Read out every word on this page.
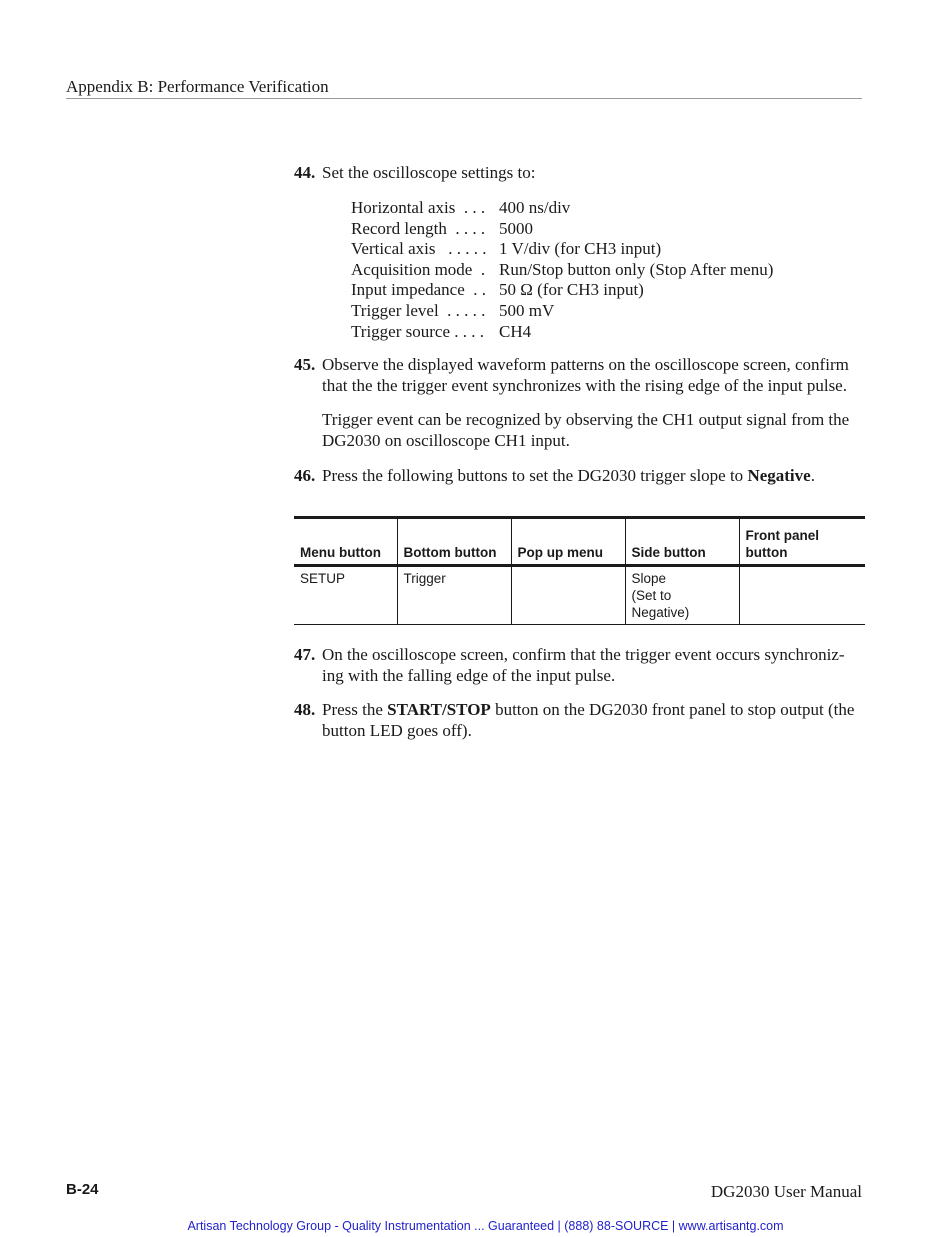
Appendix B: Performance Verification
44. Set the oscilloscope settings to:
Horizontal axis  . . . 400 ns/div
Record length  . . . . 5000
Vertical axis   . . . . . 1 V/div (for CH3 input)
Acquisition mode  . Run/Stop button only (Stop After menu)
Input impedance  . . 50 Ω (for CH3 input)
Trigger level  . . . . . 500 mV
Trigger source . . . . CH4
45. Observe the displayed waveform patterns on the oscilloscope screen, confirm that the the trigger event synchronizes with the rising edge of the input pulse.
Trigger event can be recognized by observing the CH1 output signal from the DG2030 on oscilloscope CH1 input.
46. Press the following buttons to set the DG2030 trigger slope to Negative.
Menu button	Bottom button	Pop up menu	Side button	Front panel button
SETUP	Trigger		Slope
(Set to Negative)	
47. On the oscilloscope screen, confirm that the trigger event occurs synchroniz-ing with the falling edge of the input pulse.
48. Press the START/STOP button on the DG2030 front panel to stop output (the button LED goes off).
B-24	DG2030 User Manual
Artisan Technology Group - Quality Instrumentation ... Guaranteed | (888) 88-SOURCE | www.artisantg.com
